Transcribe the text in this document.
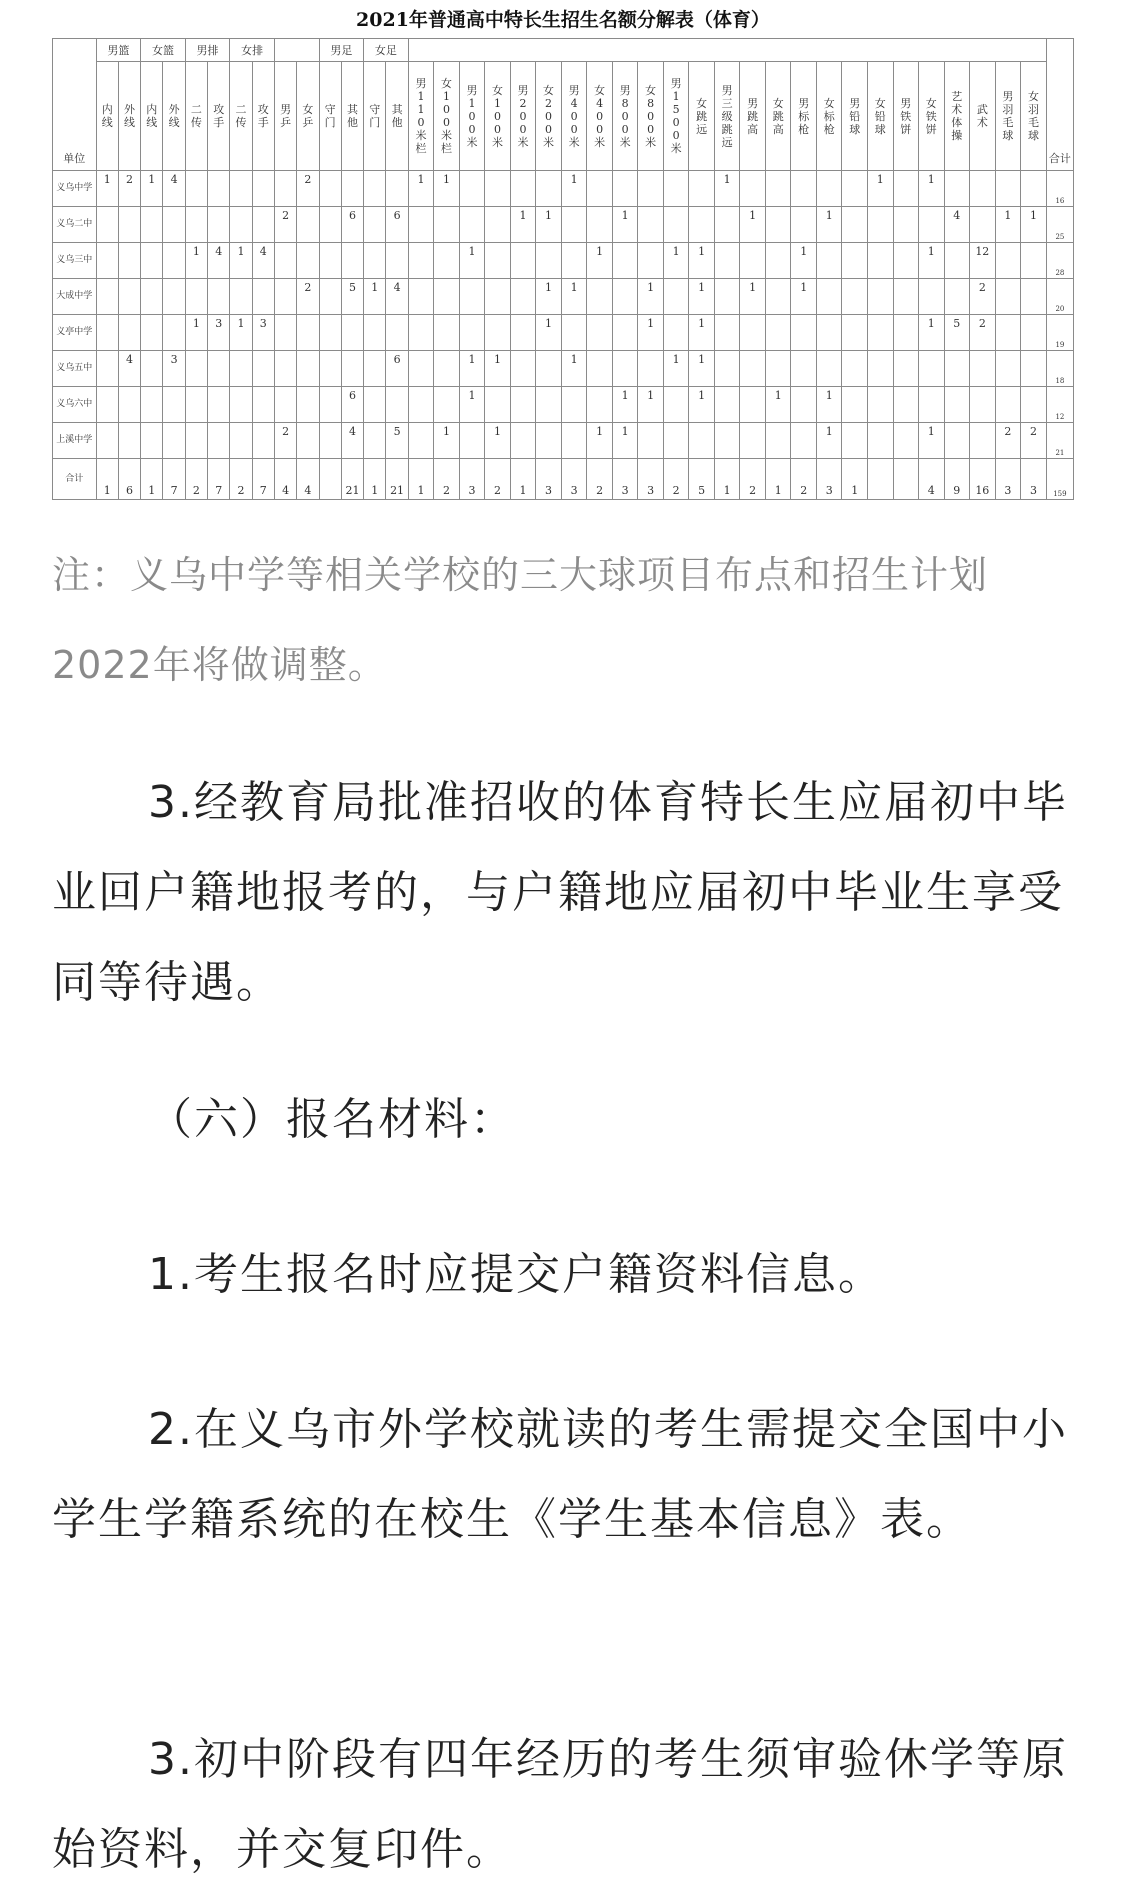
2021年普通高中特长生招生名额分解表（体育）
单位	男篮		女篮		男排		女排				男足		女足																											合计
	内线	外线	内线	外线	二传	攻手	二传	攻手	男乒	女乒	守门	其他	守门	其他	男110米栏	女100米栏	男100米	女100米	男200米	女200米	男400米	女400米	男800米	女800米	男1500米	女跳远	男三级跳远	男跳高	女跳高	男标枪	女标枪	男铅球	女铅球	男铁饼	女铁饼	艺术体操	武术	男羽毛球	女羽毛球	
义乌中学	1	2	1	4						2					1	1					1						1						1		1					16
义乌二中									2			6		6					1	1			1					1			1					4		1	1	25
义乌三中					1	4	1	4									1					1			1	1				1					1		12			28
大成中学										2		5	1	4						1	1			1		1		1		1							2			20
义亭中学					1	3	1	3												1				1		1									1	5	2			19
义乌五中		4		3										6			1	1			1				1	1														18
义乌六中												6					1						1	1		1			1		1									12
上溪中学									2			4		5		1		1				1	1								1				1			2	2	21
合计	1	6	1	7	2	7	2	7	4	4		21	1	21	1	2	3	2	1	3	3	2	3	3	2	5	1	2	1	2	3	1			4	9	16	3	3	159

注：义乌中学等相关学校的三大球项目布点和招生计划2022年将做调整。

3.经教育局批准招收的体育特长生应届初中毕业回户籍地报考的，与户籍地应届初中毕业生享受同等待遇。

（六）报名材料：

1.考生报名时应提交户籍资料信息。

2.在义乌市外学校就读的考生需提交全国中小学生学籍系统的在校生《学生基本信息》表。

3.初中阶段有四年经历的考生须审验休学等原始资料，并交复印件。
